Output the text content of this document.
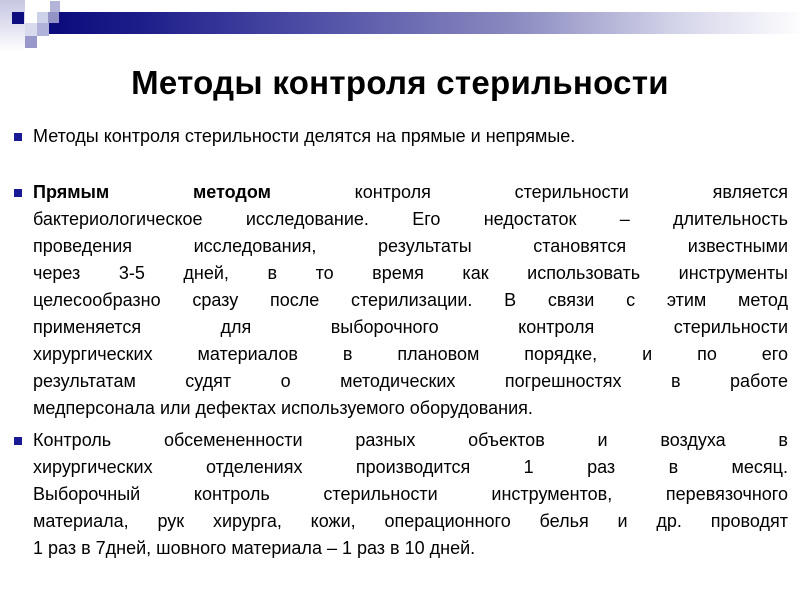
Методы контроля стерильности
Методы контроля стерильности делятся на прямые и непрямые.
Прямым методом контроля стерильности является
бактериологическое исследование. Его недостаток – длительность
проведения исследования, результаты становятся известными
через 3-5 дней, в то время как использовать инструменты
целесообразно сразу после стерилизации. В связи с этим метод
применяется для выборочного контроля стерильности
хирургических материалов в плановом порядке, и по его
результатам судят о методических погрешностях в работе
медперсонала или дефектах используемого оборудования.
Контроль обсемененности разных объектов и воздуха в
хирургических отделениях производится 1 раз в месяц.
Выборочный контроль стерильности инструментов, перевязочного
материала, рук хирурга, кожи, операционного белья и др. проводят
1 раз в 7дней, шовного материала – 1 раз в 10 дней.
